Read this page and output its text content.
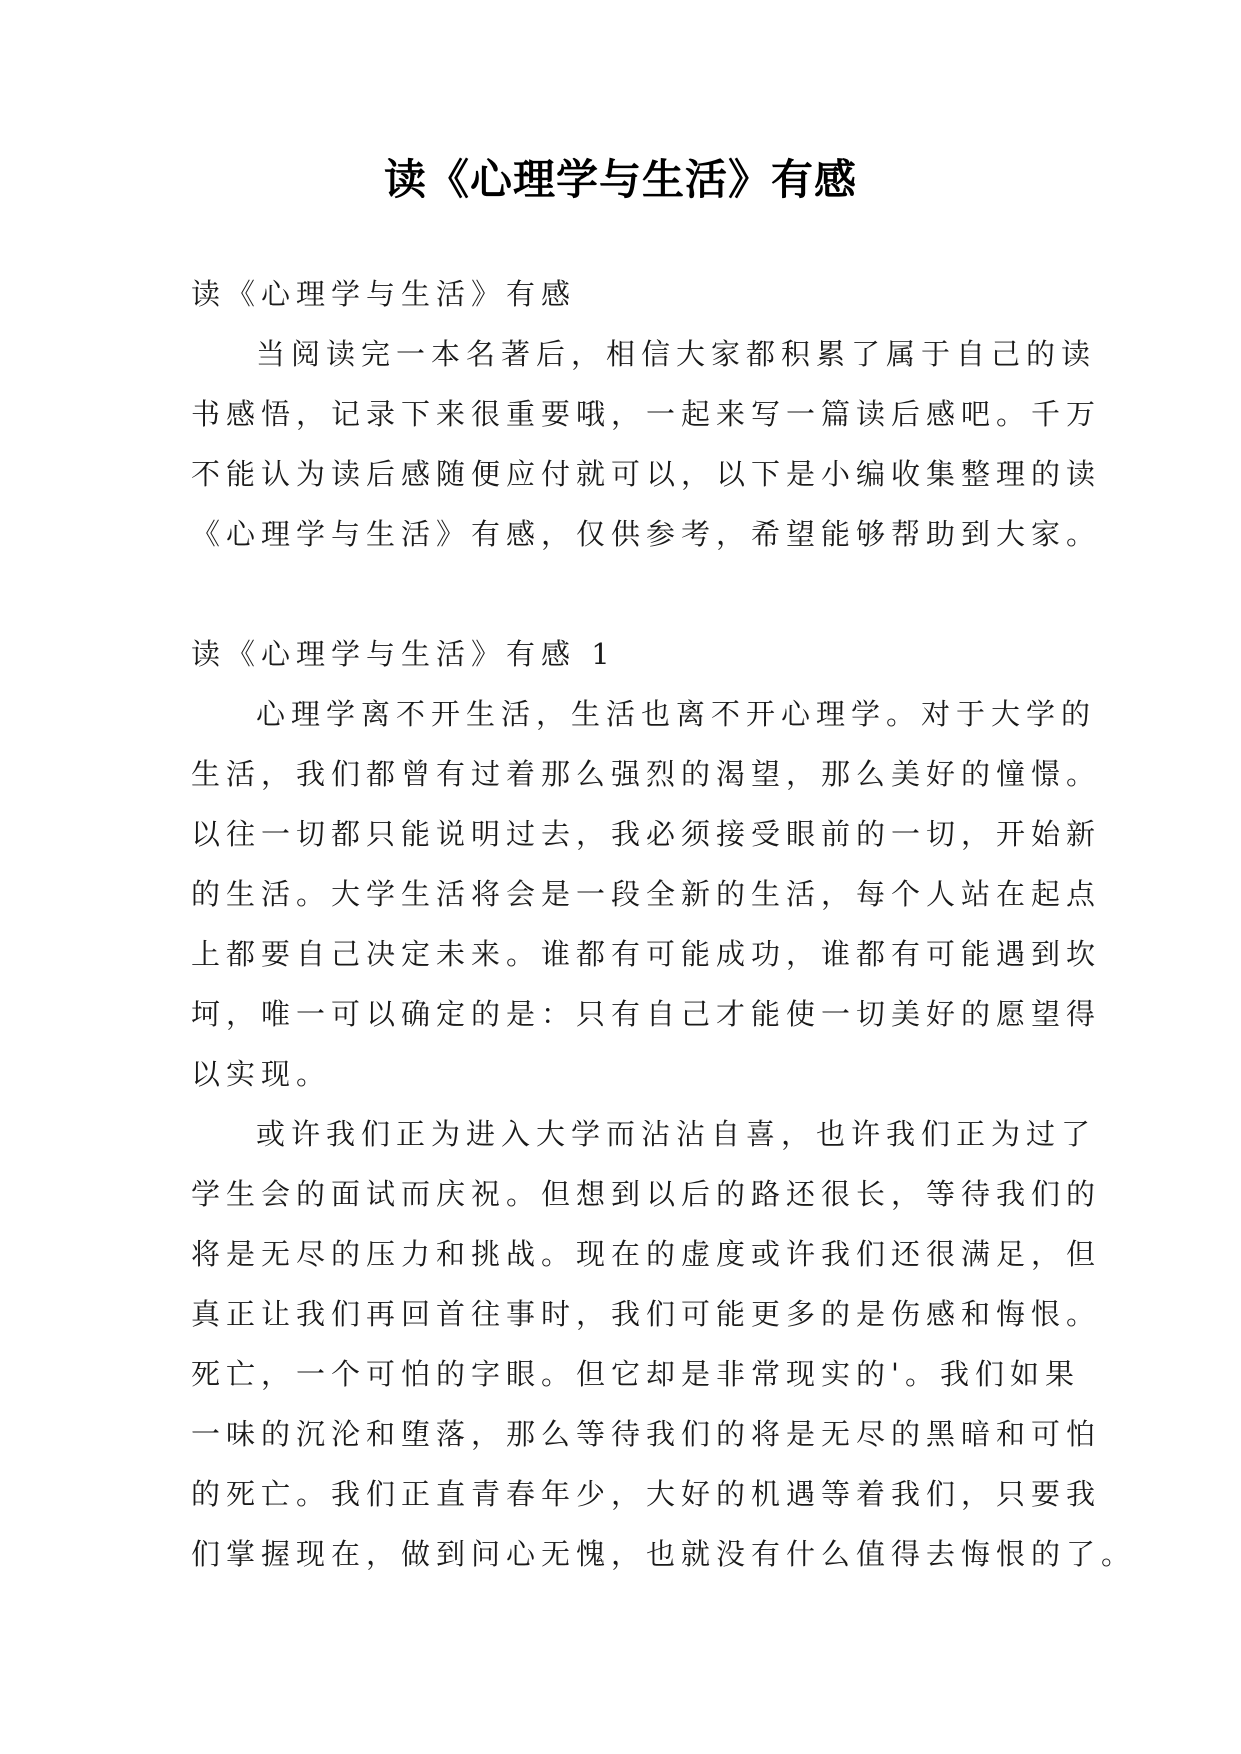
读《心理学与生活》有感
读《心理学与生活》有感
当阅读完一本名著后，相信大家都积累了属于自己的读
书感悟，记录下来很重要哦，一起来写一篇读后感吧。千万
不能认为读后感随便应付就可以，以下是小编收集整理的读
《心理学与生活》有感，仅供参考，希望能够帮助到大家。
读《心理学与生活》有感 1
心理学离不开生活，生活也离不开心理学。对于大学的
生活，我们都曾有过着那么强烈的渴望，那么美好的憧憬。
以往一切都只能说明过去，我必须接受眼前的一切，开始新
的生活。大学生活将会是一段全新的生活，每个人站在起点
上都要自己决定未来。谁都有可能成功，谁都有可能遇到坎
坷，唯一可以确定的是：只有自己才能使一切美好的愿望得
以实现。
或许我们正为进入大学而沾沾自喜，也许我们正为过了
学生会的面试而庆祝。但想到以后的路还很长，等待我们的
将是无尽的压力和挑战。现在的虚度或许我们还很满足，但
真正让我们再回首往事时，我们可能更多的是伤感和悔恨。
死亡，一个可怕的字眼。但它却是非常现实的'。我们如果
一味的沉沦和堕落，那么等待我们的将是无尽的黑暗和可怕
的死亡。我们正直青春年少，大好的机遇等着我们，只要我
们掌握现在，做到问心无愧，也就没有什么值得去悔恨的了。
